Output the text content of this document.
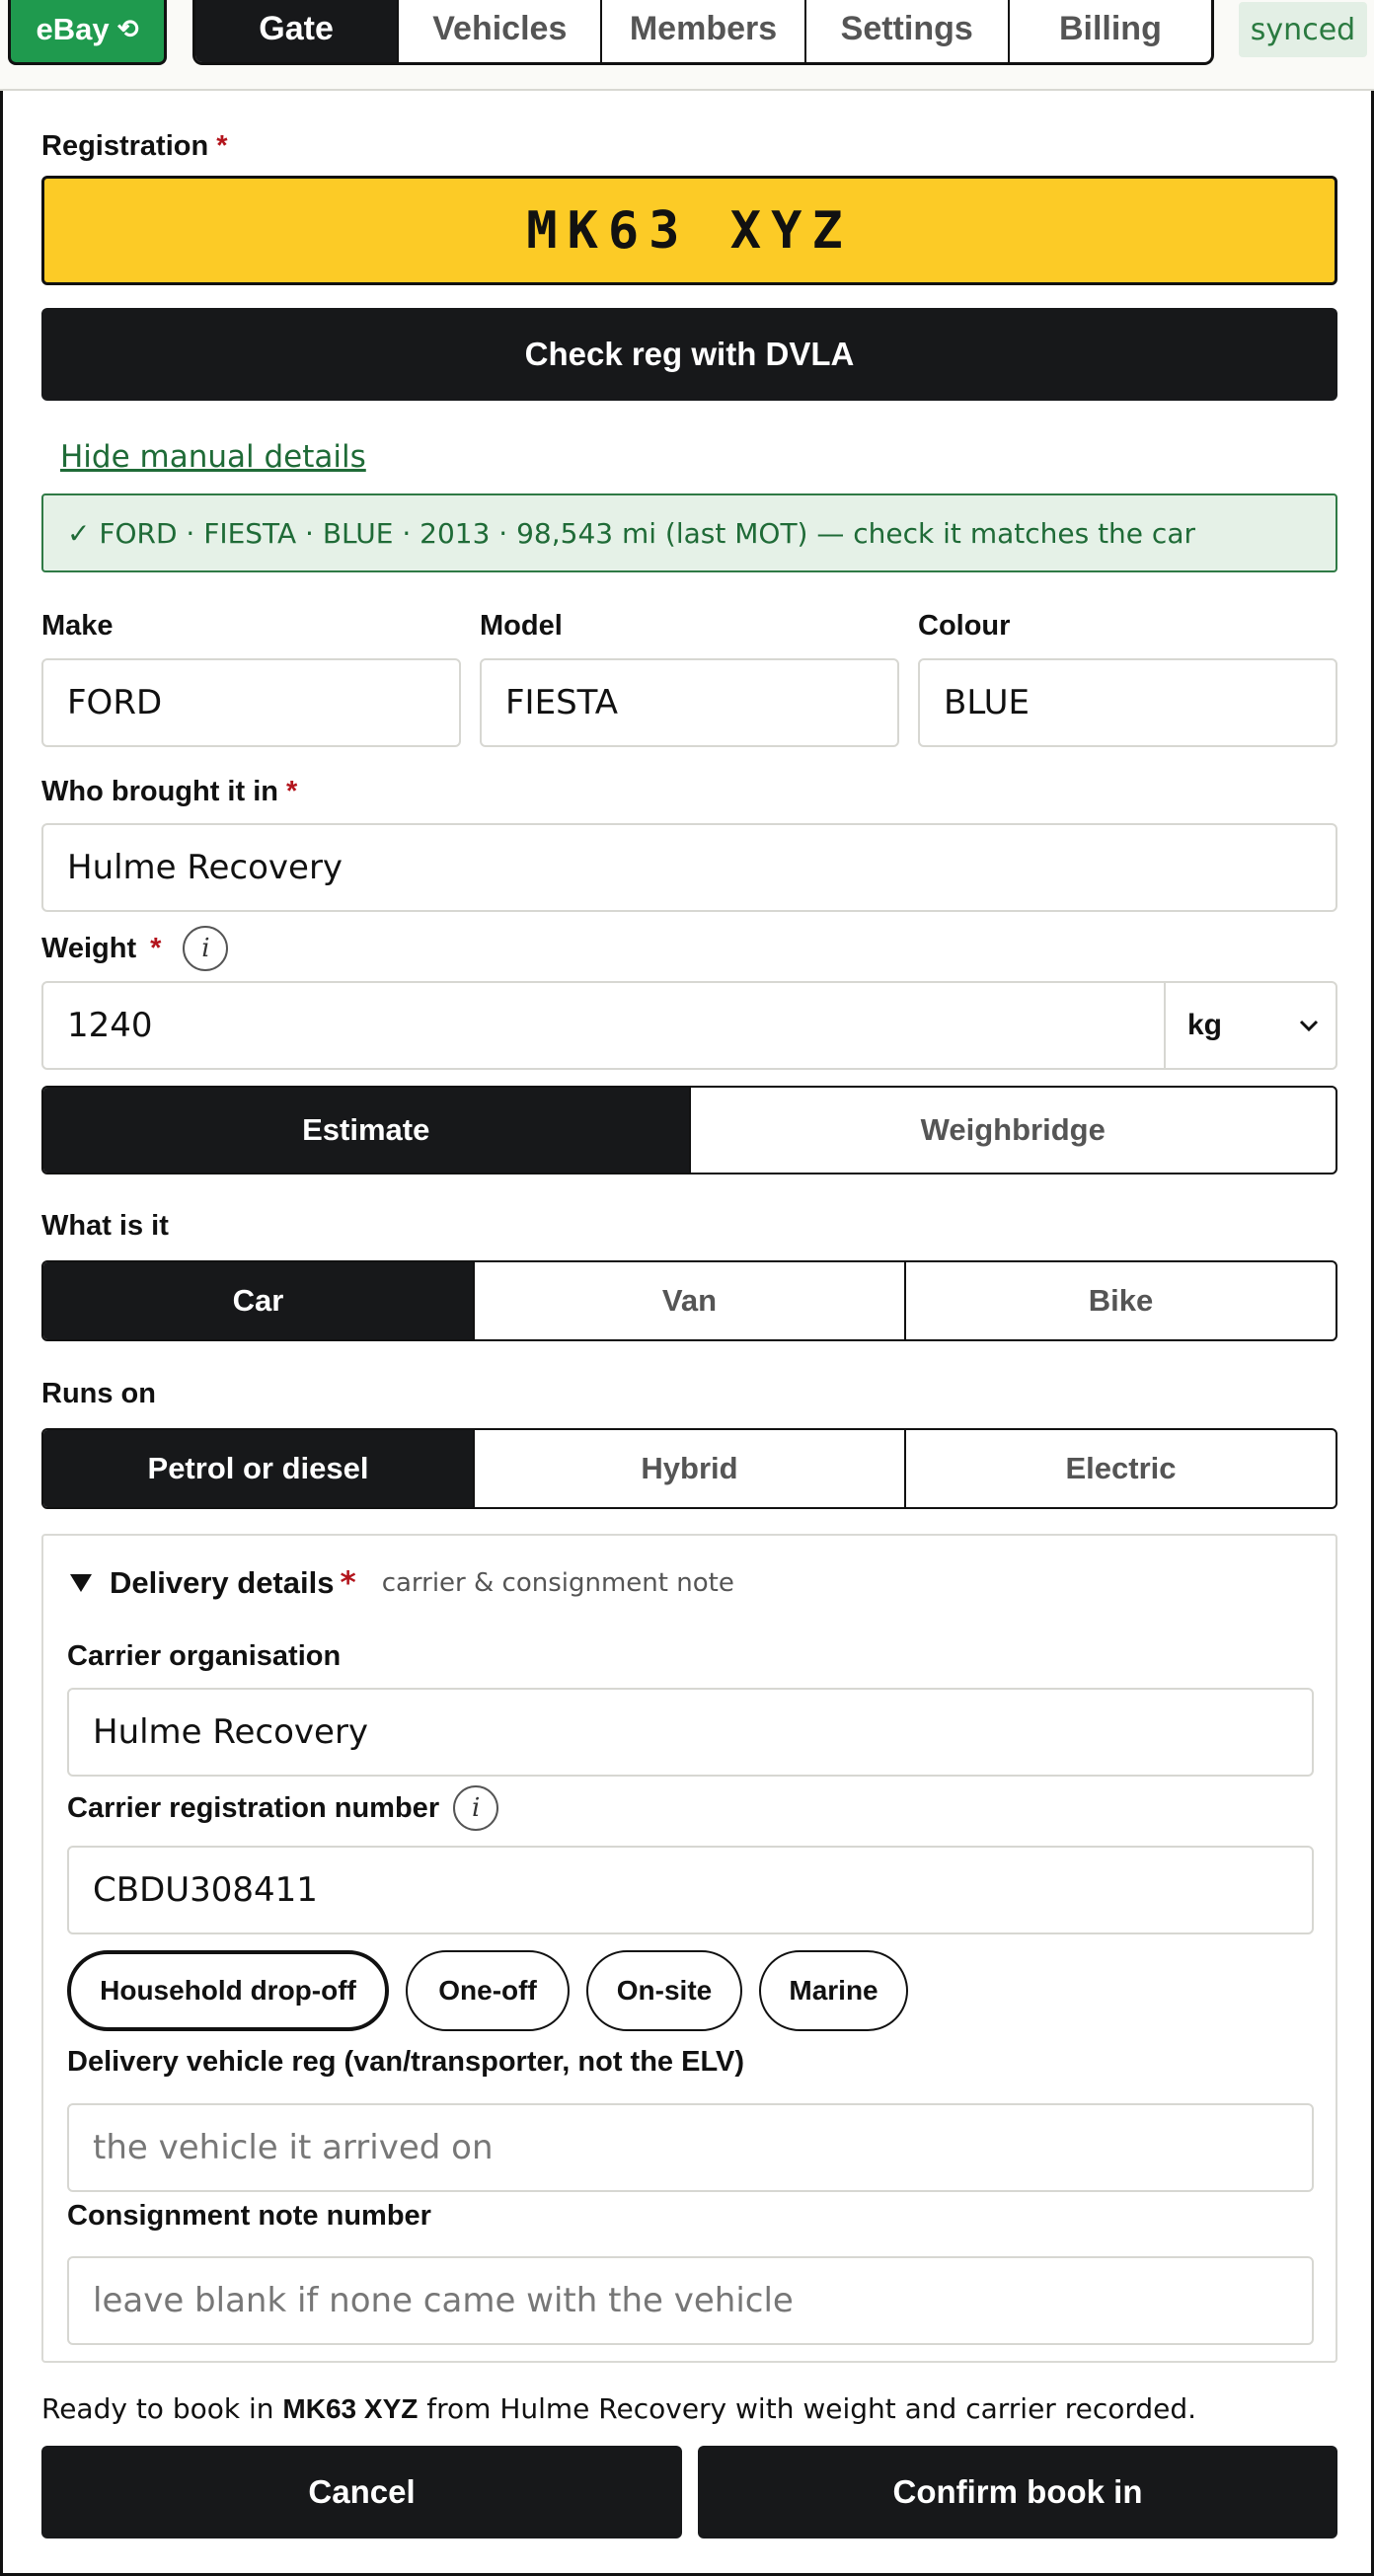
eBay ⟲	Gate	Vehicles	Members	Settings	Billing	synced
Registration *
MK63 XYZ
Check reg with DVLA
Hide manual details
✓ FORD · FIESTA · BLUE · 2013 · 98,543 mi (last MOT) — check it matches the car
Make
FORD
Model
FIESTA
Colour
BLUE
Who brought it in *
Hulme Recovery
Weight *	i
1240	kg
Estimate	Weighbridge
What is it
Car	Van	Bike
Runs on
Petrol or diesel	Hybrid	Electric
Delivery details * carrier & consignment note
Carrier organisation
Hulme Recovery
Carrier registration number	i
CBDU308411
Household drop-off	One-off	On-site	Marine
Delivery vehicle reg (van/transporter, not the ELV)
the vehicle it arrived on
Consignment note number
leave blank if none came with the vehicle
Ready to book in MK63 XYZ from Hulme Recovery with weight and carrier recorded.
Cancel	Confirm book in
